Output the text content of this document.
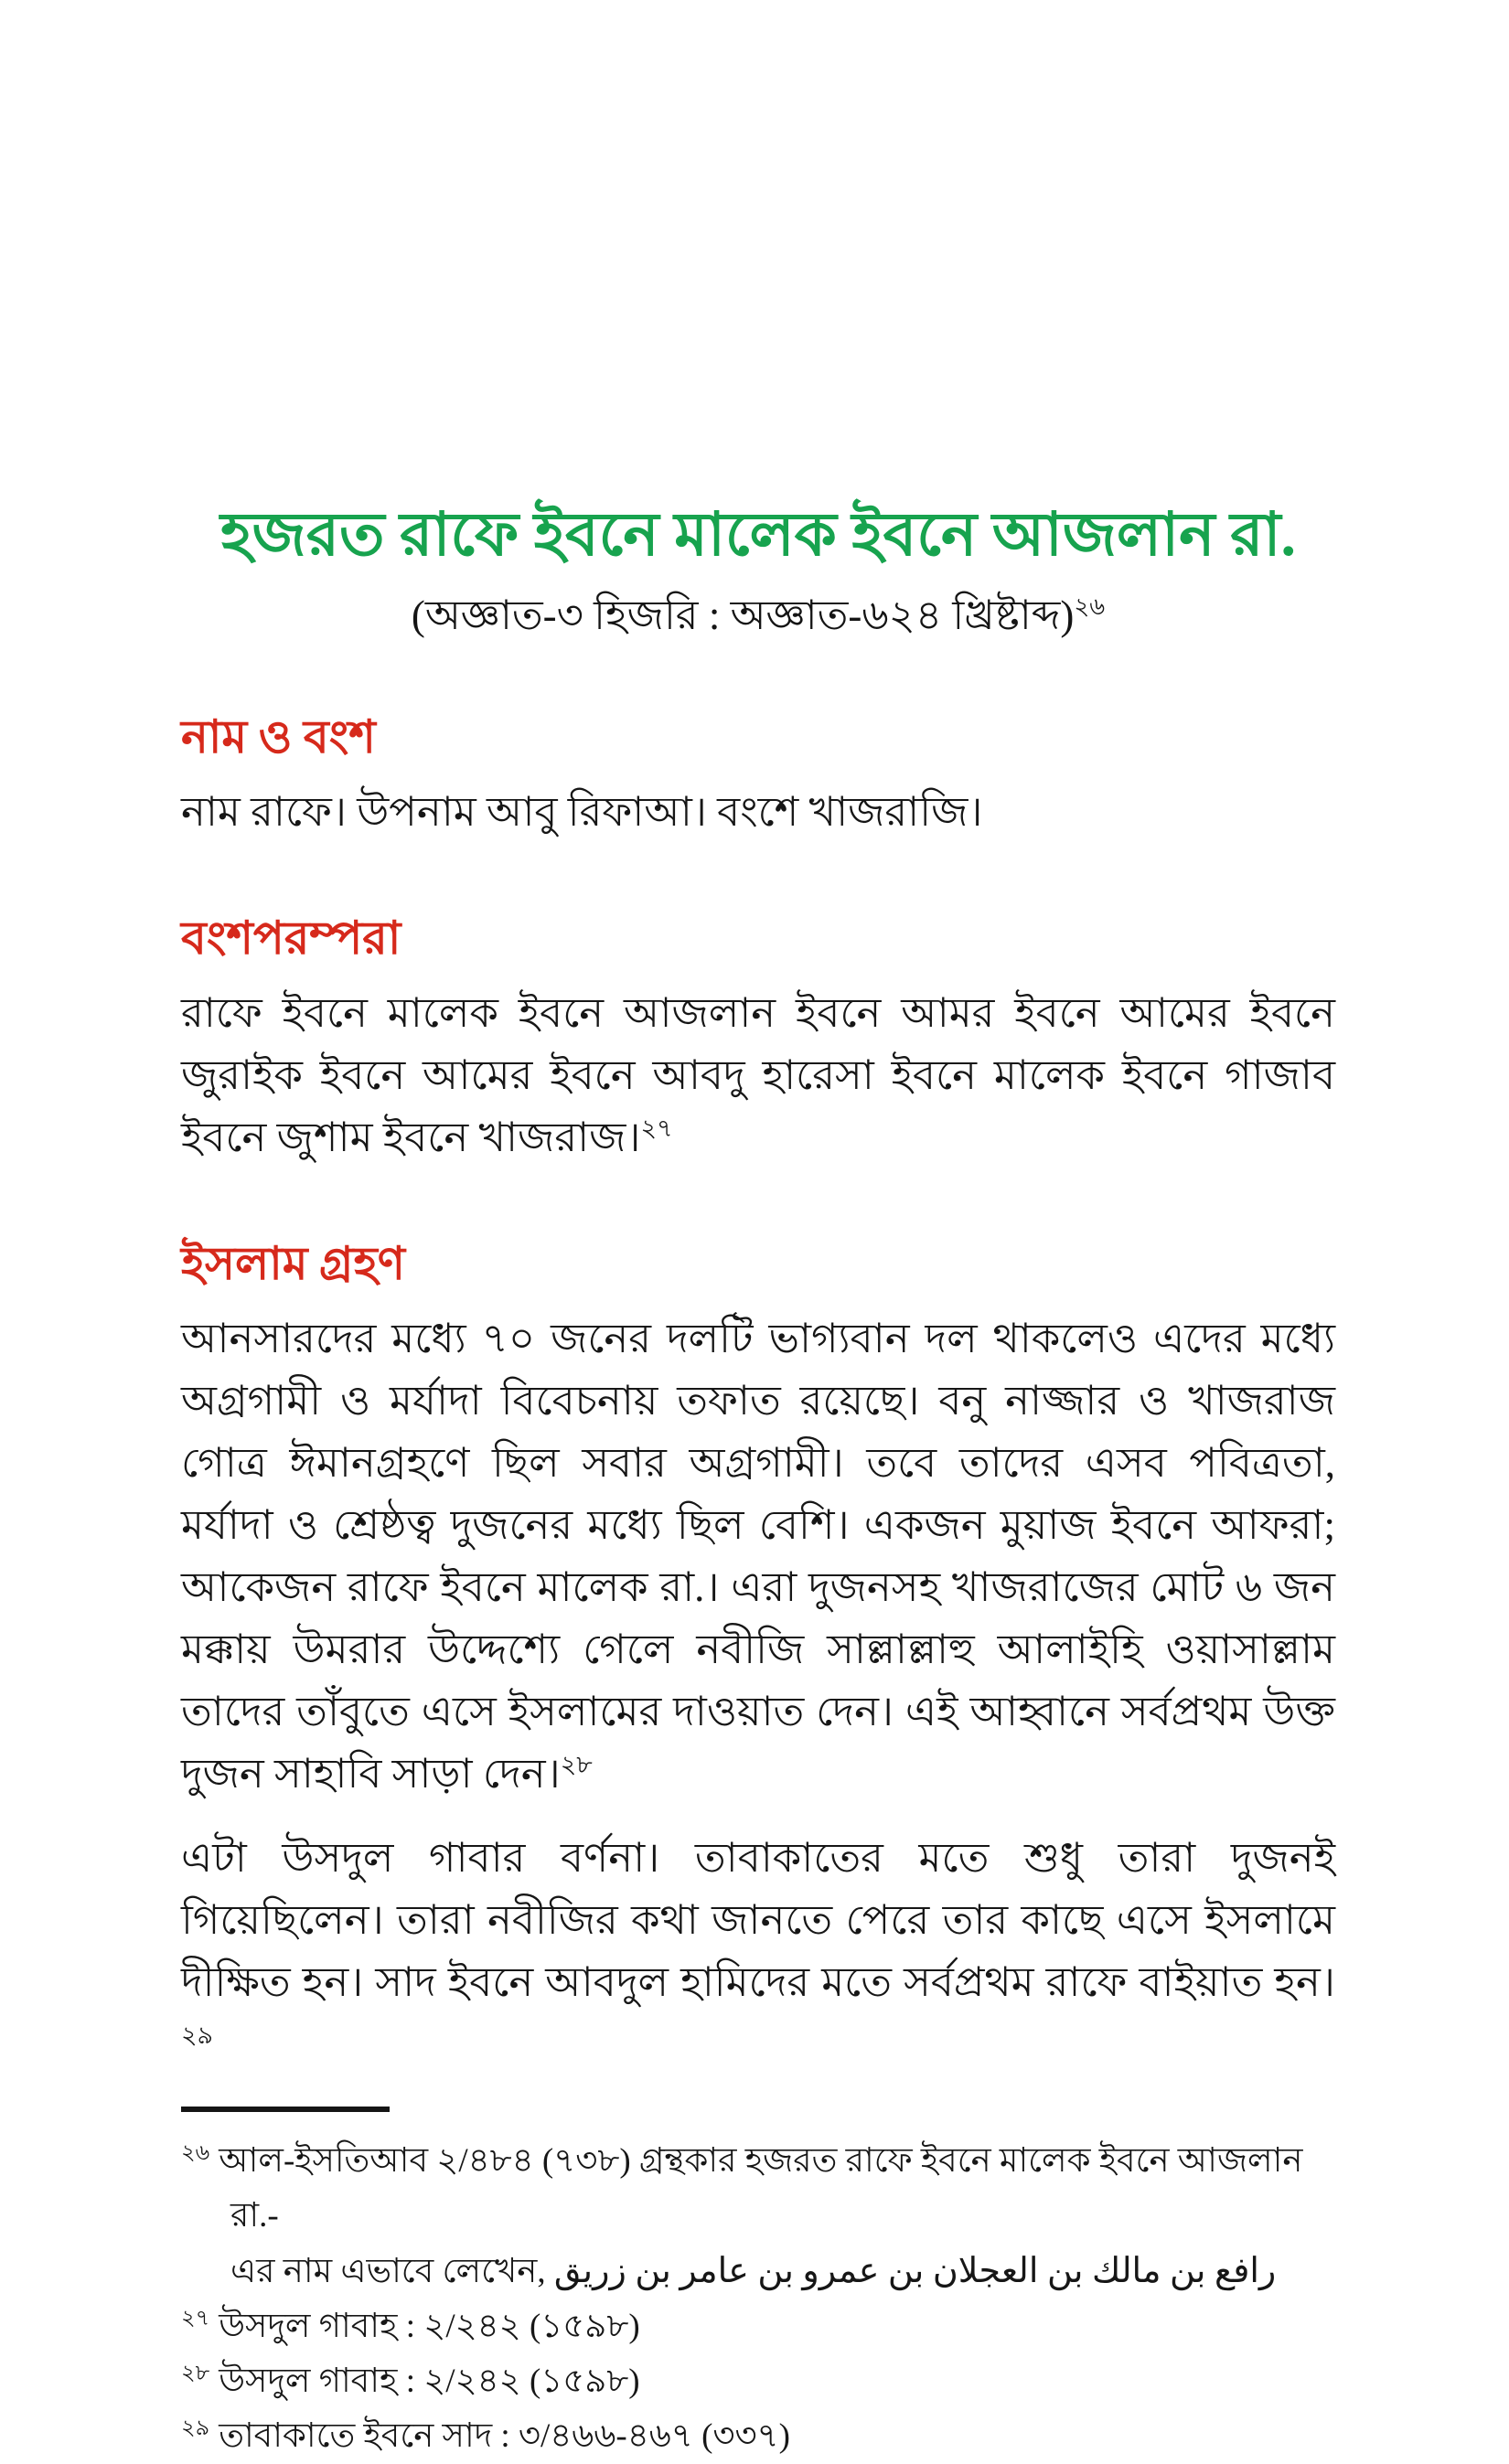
হজরত রাফে ইবনে মালেক ইবনে আজলান রা.
(অজ্ঞাত-৩ হিজরি : অজ্ঞাত-৬২৪ খ্রিষ্টাব্দ)$^{২৬}$
নাম ও বংশ

নাম রাফে। উপনাম আবু রিফাআ। বংশে খাজরাজি।

বংশপরম্পরা

রাফে ইবনে মালেক ইবনে আজলান ইবনে আমর ইবনে আমের ইবনে জুরাইক ইবনে আমের ইবনে আবদু হারেসা ইবনে মালেক ইবনে গাজাব ইবনে জুশাম ইবনে খাজরাজ।$^{২৭}$

ইসলাম গ্রহণ

আনসারদের মধ্যে ৭০ জনের দলটি ভাগ্যবান দল থাকলেও এদের মধ্যে অগ্রগামী ও মর্যাদা বিবেচনায় তফাত রয়েছে। বনু নাজ্জার ও খাজরাজ গোত্র ঈমানগ্রহণে ছিল সবার অগ্রগামী। তবে তাদের এসব পবিত্রতা, মর্যাদা ও শ্রেষ্ঠত্ব দুজনের মধ্যে ছিল বেশি। একজন মুয়াজ ইবনে আফরা; আকেজন রাফে ইবনে মালেক রা.। এরা দুজনসহ খাজরাজের মোট ৬ জন মক্কায় উমরার উদ্দেশ্যে গেলে নবীজি সাল্লাল্লাহু আলাইহি ওয়াসাল্লাম তাদের তাঁবুতে এসে ইসলামের দাওয়াত দেন। এই আহ্বানে সর্বপ্রথম উক্ত দুজন সাহাবি সাড়া দেন।$^{২৮}$

এটা উসদুল গাবার বর্ণনা। তাবাকাতের মতে শুধু তারা দুজনই গিয়েছিলেন। তারা নবীজির কথা জানতে পেরে তার কাছে এসে ইসলামে দীক্ষিত হন। সাদ ইবনে আবদুল হামিদের মতে সর্বপ্রথম রাফে বাইয়াত হন।$^{২৯}$

$^{২৬}$ আল-ইসতিআব ২/৪৮৪ (৭৩৮) গ্রন্থকার হজরত রাফে ইবনে মালেক ইবনে আজলান রা.-
এর নাম এভাবে লেখেন, رافع بن مالك بن العجلان بن عمرو بن عامر بن زريق

$^{২৭}$ উসদুল গাবাহ : ২/২৪২ (১৫৯৮)

$^{২৮}$ উসদুল গাবাহ : ২/২৪২ (১৫৯৮)

$^{২৯}$ তাবাকাতে ইবনে সাদ : ৩/৪৬৬-৪৬৭ (৩৩৭)
